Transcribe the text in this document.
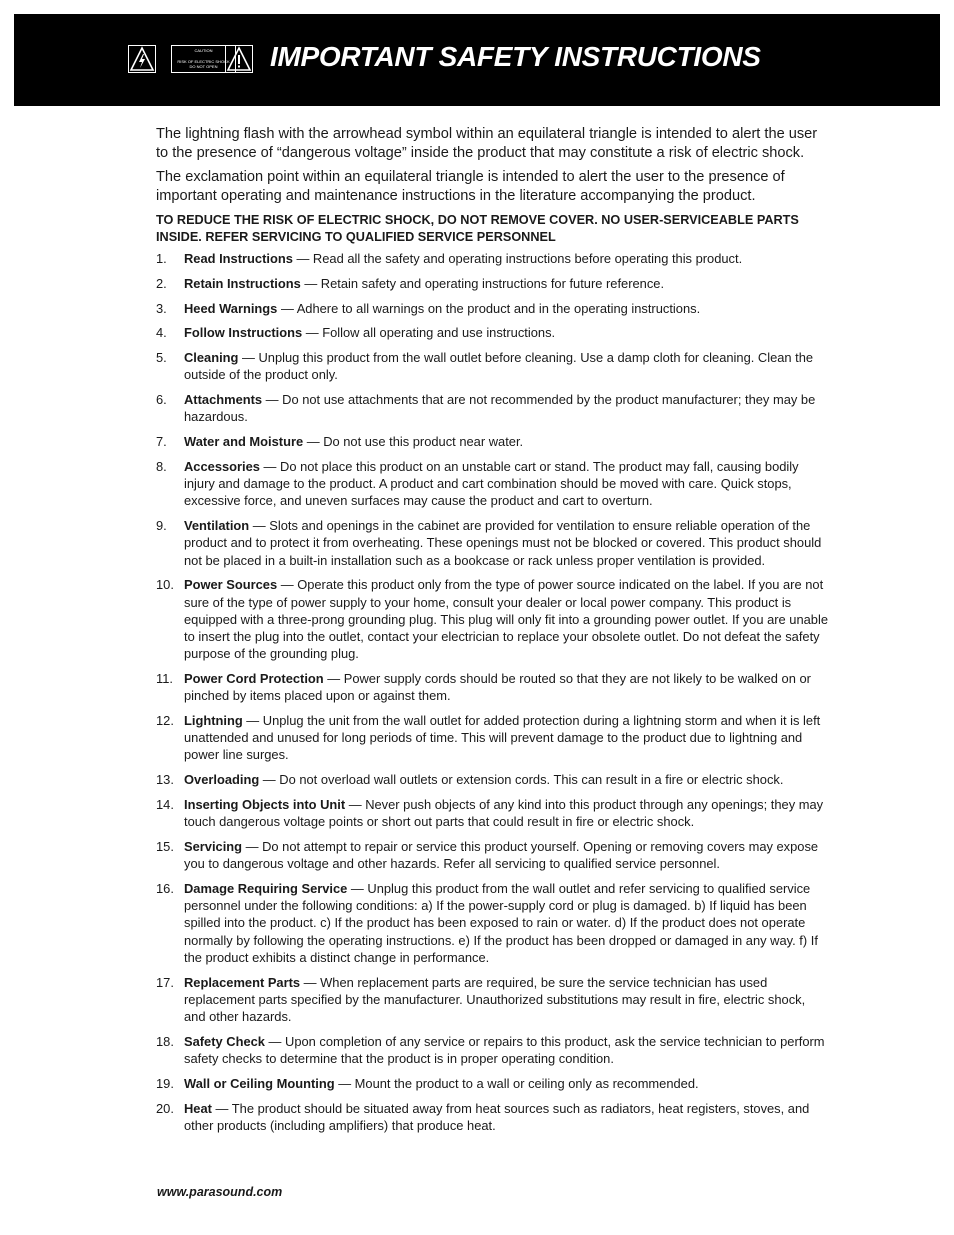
CAUTION
RISK OF ELECTRIC SHOCK
DO NOT OPEN	IMPORTANT SAFETY INSTRUCTIONS

The lightning flash with the arrowhead symbol within an equilateral triangle is intended to alert the user to the presence of “dangerous voltage” inside the product that may constitute a risk of electric shock.

The exclamation point within an equilateral triangle is intended to alert the user to the presence of important operating and maintenance instructions in the literature accompanying the product.

TO REDUCE THE RISK OF ELECTRIC SHOCK, DO NOT REMOVE COVER. NO USER-SERVICEABLE PARTS INSIDE. REFER SERVICING TO QUALIFIED SERVICE PERSONNEL

1. Read Instructions — Read all the safety and operating instructions before operating this product.
2. Retain Instructions — Retain safety and operating instructions for future reference.
3. Heed Warnings — Adhere to all warnings on the product and in the operating instructions.
4. Follow Instructions — Follow all operating and use instructions.
5. Cleaning — Unplug this product from the wall outlet before cleaning. Use a damp cloth for cleaning. Clean the outside of the product only.
6. Attachments — Do not use attachments that are not recommended by the product manufacturer; they may be hazardous.
7. Water and Moisture — Do not use this product near water.
8. Accessories — Do not place this product on an unstable cart or stand. The product may fall, causing bodily injury and damage to the product. A product and cart combination should be moved with care. Quick stops, excessive force, and uneven surfaces may cause the product and cart to overturn.
9. Ventilation — Slots and openings in the cabinet are provided for ventilation to ensure reliable operation of the product and to protect it from overheating. These openings must not be blocked or covered. This product should not be placed in a built-in installation such as a bookcase or rack unless proper ventilation is provided.
10. Power Sources — Operate this product only from the type of power source indicated on the label. If you are not sure of the type of power supply to your home, consult your dealer or local power company. This product is equipped with a three-prong grounding plug. This plug will only fit into a grounding power outlet. If you are unable to insert the plug into the outlet, contact your electrician to replace your obsolete outlet. Do not defeat the safety purpose of the grounding plug.
11. Power Cord Protection — Power supply cords should be routed so that they are not likely to be walked on or pinched by items placed upon or against them.
12. Lightning — Unplug the unit from the wall outlet for added protection during a lightning storm and when it is left unattended and unused for long periods of time. This will prevent damage to the product due to lightning and power line surges.
13. Overloading — Do not overload wall outlets or extension cords. This can result in a fire or electric shock.
14. Inserting Objects into Unit — Never push objects of any kind into this product through any openings; they may touch dangerous voltage points or short out parts that could result in fire or electric shock.
15. Servicing — Do not attempt to repair or service this product yourself. Opening or removing covers may expose you to dangerous voltage and other hazards. Refer all servicing to qualified service personnel.
16. Damage Requiring Service — Unplug this product from the wall outlet and refer servicing to qualified service personnel under the following conditions: a) If the power-supply cord or plug is damaged. b) If liquid has been spilled into the product. c) If the product has been exposed to rain or water. d) If the product does not operate normally by following the operating instructions. e) If the product has been dropped or damaged in any way. f) If the product exhibits a distinct change in performance.
17. Replacement Parts — When replacement parts are required, be sure the service technician has used replacement parts specified by the manufacturer. Unauthorized substitutions may result in fire, electric shock, and other hazards.
18. Safety Check — Upon completion of any service or repairs to this product, ask the service technician to perform safety checks to determine that the product is in proper operating condition.
19. Wall or Ceiling Mounting — Mount the product to a wall or ceiling only as recommended.
20. Heat — The product should be situated away from heat sources such as radiators, heat registers, stoves, and other products (including amplifiers) that produce heat.
www.parasound.com
